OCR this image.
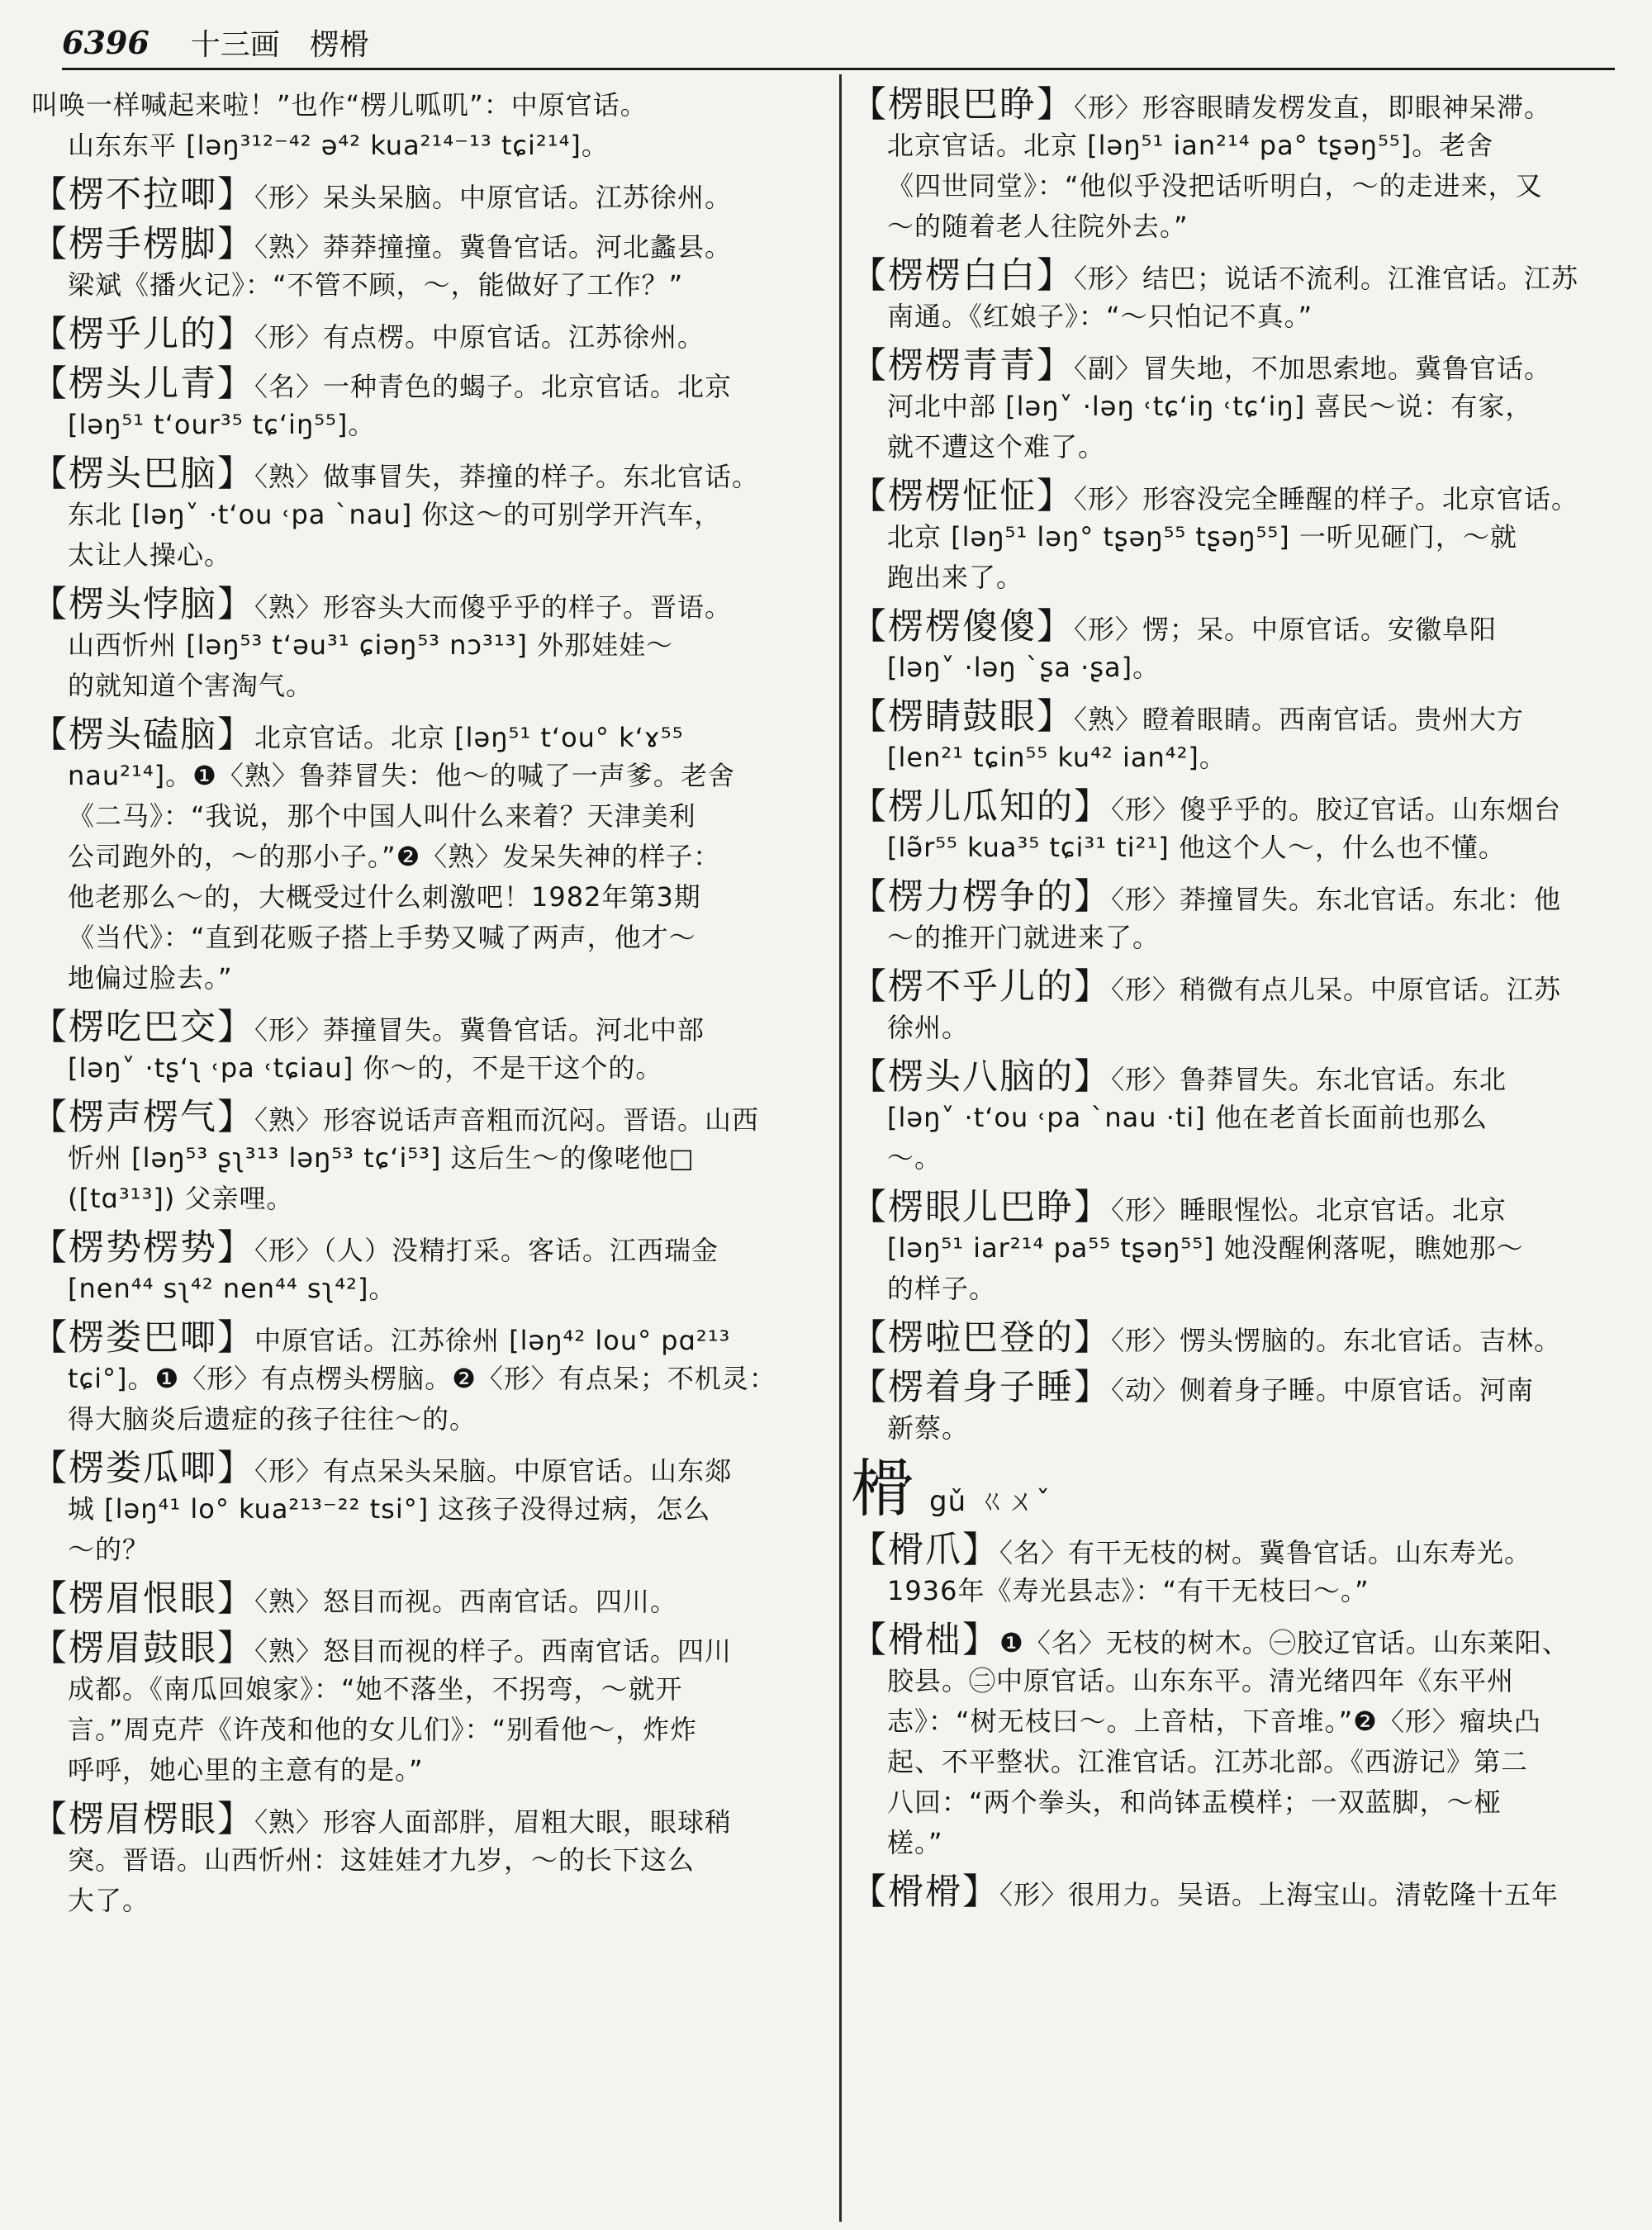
6396 十三画 楞榾
叫唤一样喊起来啦！”也作“楞儿呱叽”：中原官话。
山东东平 [ləŋ³¹²⁻⁴² ə⁴² kua²¹⁴⁻¹³ tɕi²¹⁴]。
【楞不拉唧】〈形〉呆头呆脑。中原官话。江苏徐州。
【楞手楞脚】〈熟〉莽莽撞撞。冀鲁官话。河北蠡县。
梁斌《播火记》：“不管不顾，～，能做好了工作？”
【楞乎儿的】〈形〉有点楞。中原官话。江苏徐州。
【楞头儿青】〈名〉一种青色的蝎子。北京官话。北京
[ləŋ⁵¹ t‘our³⁵ tɕ‘iŋ⁵⁵]。
【楞头巴脑】〈熟〉做事冒失，莽撞的样子。东北官话。
东北 [ləŋ˅ ·t‘ou ˓pa ˋnau] 你这～的可别学开汽车，
太让人操心。
【楞头悖脑】〈熟〉形容头大而傻乎乎的样子。晋语。
山西忻州 [ləŋ⁵³ t‘əu³¹ ɕiəŋ⁵³ nɔ³¹³] 外那娃娃～
的就知道个害淘气。
【楞头磕脑】北京官话。北京 [ləŋ⁵¹ t‘ou° k‘ɤ⁵⁵
nau²¹⁴]。❶〈熟〉鲁莽冒失：他～的喊了一声爹。老舍
《二马》：“我说，那个中国人叫什么来着？天津美利
公司跑外的，～的那小子。”❷〈熟〉发呆失神的样子：
他老那么～的，大概受过什么刺激吧！1982年第3期
《当代》：“直到花贩子搭上手势又喊了两声，他才～
地偏过脸去。”
【楞吃巴交】〈形〉莽撞冒失。冀鲁官话。河北中部
[ləŋ˅ ·tʂ‘ʅ ˓pa ˓tɕiau] 你～的，不是干这个的。
【楞声楞气】〈熟〉形容说话声音粗而沉闷。晋语。山西
忻州 [ləŋ⁵³ ʂʅ³¹³ ləŋ⁵³ tɕ‘i⁵³] 这后生～的像咾他□
([tɑ³¹³]) 父亲哩。
【楞势楞势】〈形〉（人）没精打采。客话。江西瑞金
[nen⁴⁴ sʅ⁴² nen⁴⁴ sʅ⁴²]。
【楞娄巴唧】中原官话。江苏徐州 [ləŋ⁴² lou° pɑ²¹³
tɕi°]。❶〈形〉有点楞头楞脑。❷〈形〉有点呆；不机灵：
得大脑炎后遗症的孩子往往～的。
【楞娄瓜唧】〈形〉有点呆头呆脑。中原官话。山东郯
城 [ləŋ⁴¹ lo° kua²¹³⁻²² tsi°] 这孩子没得过病，怎么
～的？
【楞眉恨眼】〈熟〉怒目而视。西南官话。四川。
【楞眉鼓眼】〈熟〉怒目而视的样子。西南官话。四川
成都。《南瓜回娘家》：“她不落坐，不拐弯，～就开
言。”周克芹《许茂和他的女儿们》：“别看他～，炸炸
呼呼，她心里的主意有的是。”
【楞眉楞眼】〈熟〉形容人面部胖，眉粗大眼，眼球稍
突。晋语。山西忻州：这娃娃才九岁，～的长下这么
大了。
【楞眼巴睁】〈形〉形容眼睛发楞发直，即眼神呆滞。
北京官话。北京 [ləŋ⁵¹ ian²¹⁴ pa° tʂəŋ⁵⁵]。老舍
《四世同堂》：“他似乎没把话听明白，～的走进来，又
～的随着老人往院外去。”
【楞楞白白】〈形〉结巴；说话不流利。江淮官话。江苏
南通。《红娘子》：“～只怕记不真。”
【楞楞青青】〈副〉冒失地，不加思索地。冀鲁官话。
河北中部 [ləŋ˅ ·ləŋ ˓tɕ‘iŋ ˓tɕ‘iŋ] 喜民～说：有家，
就不遭这个难了。
【楞楞怔怔】〈形〉形容没完全睡醒的样子。北京官话。
北京 [ləŋ⁵¹ ləŋ° tʂəŋ⁵⁵ tʂəŋ⁵⁵] 一听见砸门，～就
跑出来了。
【楞楞傻傻】〈形〉愣；呆。中原官话。安徽阜阳
[ləŋ˅ ·ləŋ ˋʂa ·ʂa]。
【楞睛鼓眼】〈熟〉瞪着眼睛。西南官话。贵州大方
[len²¹ tɕin⁵⁵ ku⁴² ian⁴²]。
【楞儿瓜知的】〈形〉傻乎乎的。胶辽官话。山东烟台
[lə̃r⁵⁵ kua³⁵ tɕi³¹ ti²¹] 他这个人～，什么也不懂。
【楞力楞争的】〈形〉莽撞冒失。东北官话。东北：他
～的推开门就进来了。
【楞不乎儿的】〈形〉稍微有点儿呆。中原官话。江苏
徐州。
【楞头八脑的】〈形〉鲁莽冒失。东北官话。东北
[ləŋ˅ ·t‘ou ˓pa ˋnau ·ti] 他在老首长面前也那么
～。
【楞眼儿巴睁】〈形〉睡眼惺忪。北京官话。北京
[ləŋ⁵¹ iar²¹⁴ pa⁵⁵ tʂəŋ⁵⁵] 她没醒俐落呢，瞧她那～
的样子。
【楞啦巴登的】〈形〉愣头愣脑的。东北官话。吉林。
【楞着身子睡】〈动〉侧着身子睡。中原官话。河南
新蔡。
榾gǔ ㄍㄨˇ
【榾爪】〈名〉有干无枝的树。冀鲁官话。山东寿光。
1936年《寿光县志》：“有干无枝曰～。”
【榾柮】❶〈名〉无枝的树木。㊀胶辽官话。山东莱阳、
胶县。㊁中原官话。山东东平。清光绪四年《东平州
志》：“树无枝曰～。上音枯，下音堆。”❷〈形〉瘤块凸
起、不平整状。江淮官话。江苏北部。《西游记》第二
八回：“两个拳头，和尚钵盂模样；一双蓝脚，～桠
槎。”
【榾榾】〈形〉很用力。吴语。上海宝山。清乾隆十五年
